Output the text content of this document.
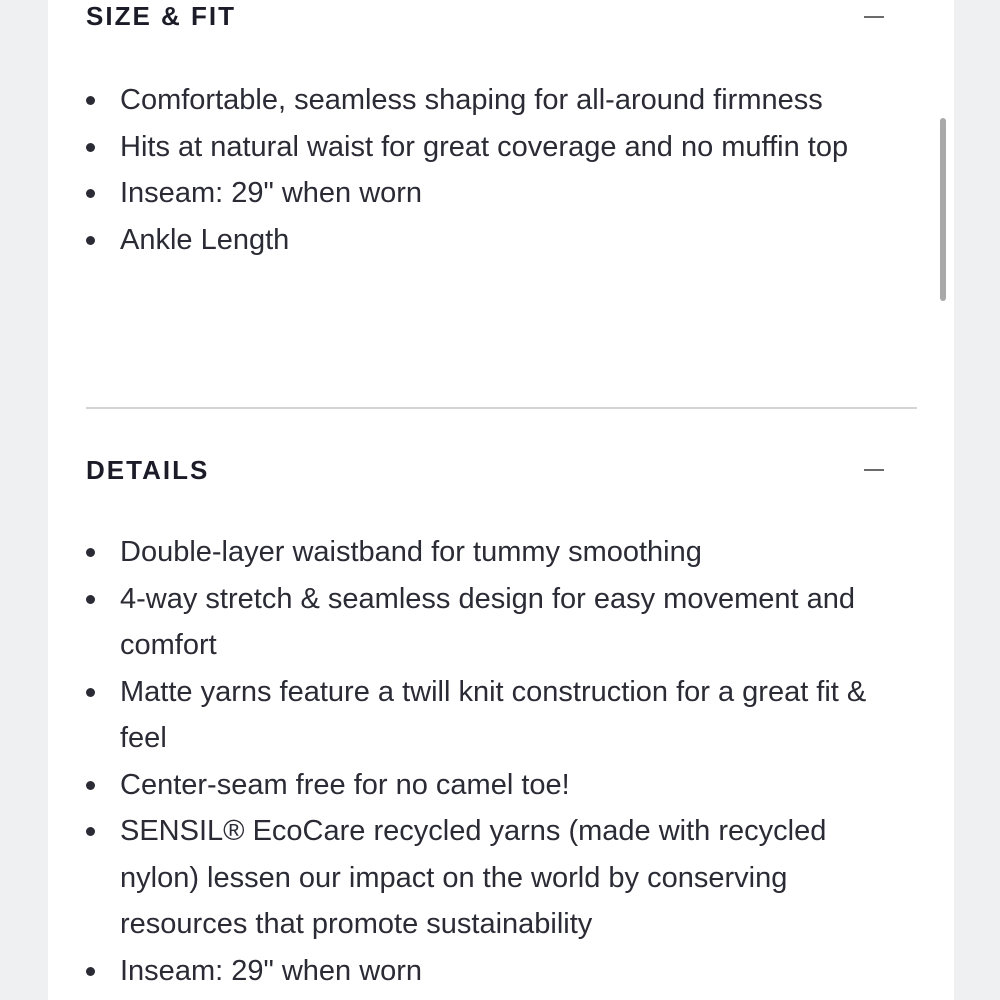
SIZE & FIT
Comfortable, seamless shaping for all-around firmness
Hits at natural waist for great coverage and no muffin top
Inseam: 29" when worn
Ankle Length
DETAILS
Double-layer waistband for tummy smoothing
4-way stretch & seamless design for easy movement and comfort
Matte yarns feature a twill knit construction for a great fit & feel
Center-seam free for no camel toe!
SENSIL® EcoCare recycled yarns (made with recycled nylon) lessen our impact on the world by conserving resources that promote sustainability
Inseam: 29" when worn
